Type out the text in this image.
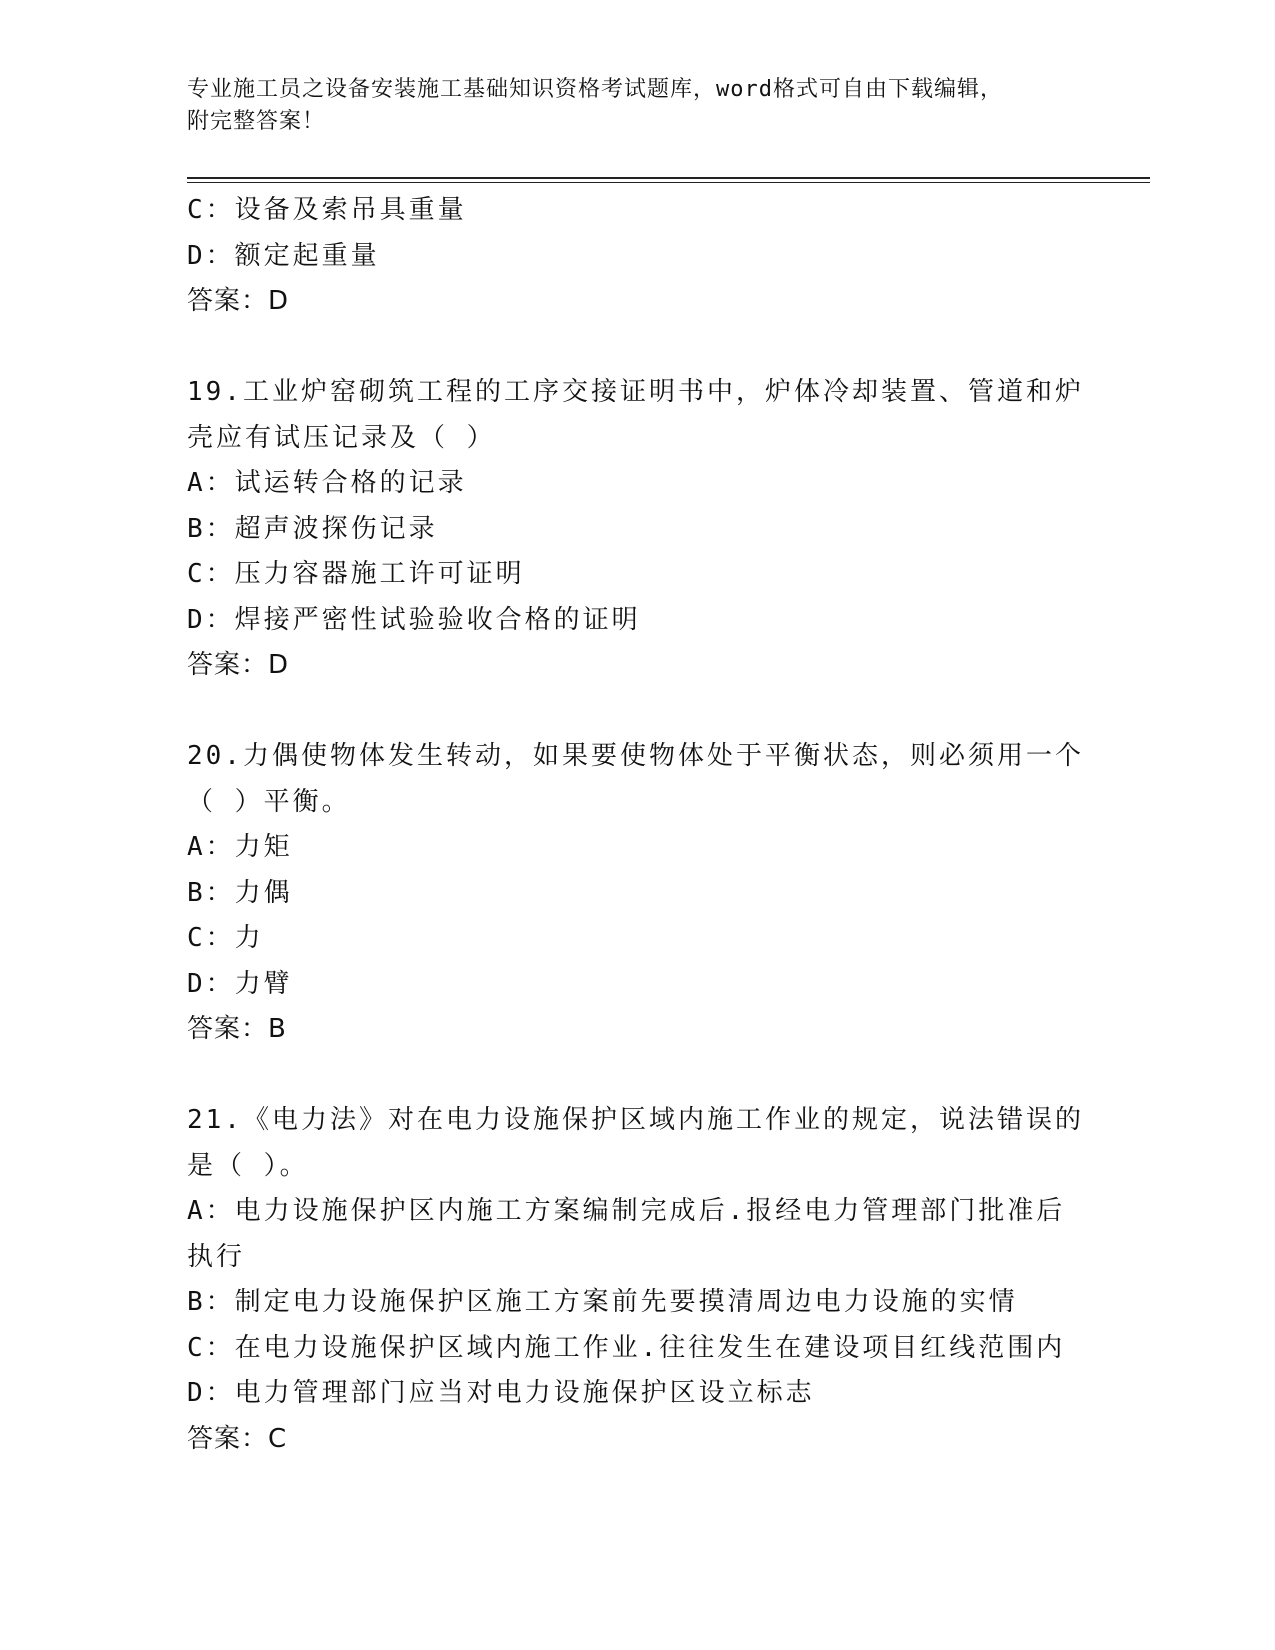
专业施工员之设备安装施工基础知识资格考试题库，word格式可自由下载编辑，
附完整答案！
C：设备及索吊具重量
D：额定起重量
答案：D
19.工业炉窑砌筑工程的工序交接证明书中，炉体冷却装置、管道和炉
壳应有试压记录及（ ）
A：试运转合格的记录
B：超声波探伤记录
C：压力容器施工许可证明
D：焊接严密性试验验收合格的证明
答案：D
20.力偶使物体发生转动，如果要使物体处于平衡状态，则必须用一个
（ ）平衡。
A：力矩
B：力偶
C：力
D：力臂
答案：B
21.《电力法》对在电力设施保护区域内施工作业的规定，说法错误的
是（ ）。
A：电力设施保护区内施工方案编制完成后.报经电力管理部门批准后
执行
B：制定电力设施保护区施工方案前先要摸清周边电力设施的实情
C：在电力设施保护区域内施工作业.往往发生在建设项目红线范围内
D：电力管理部门应当对电力设施保护区设立标志
答案：C
